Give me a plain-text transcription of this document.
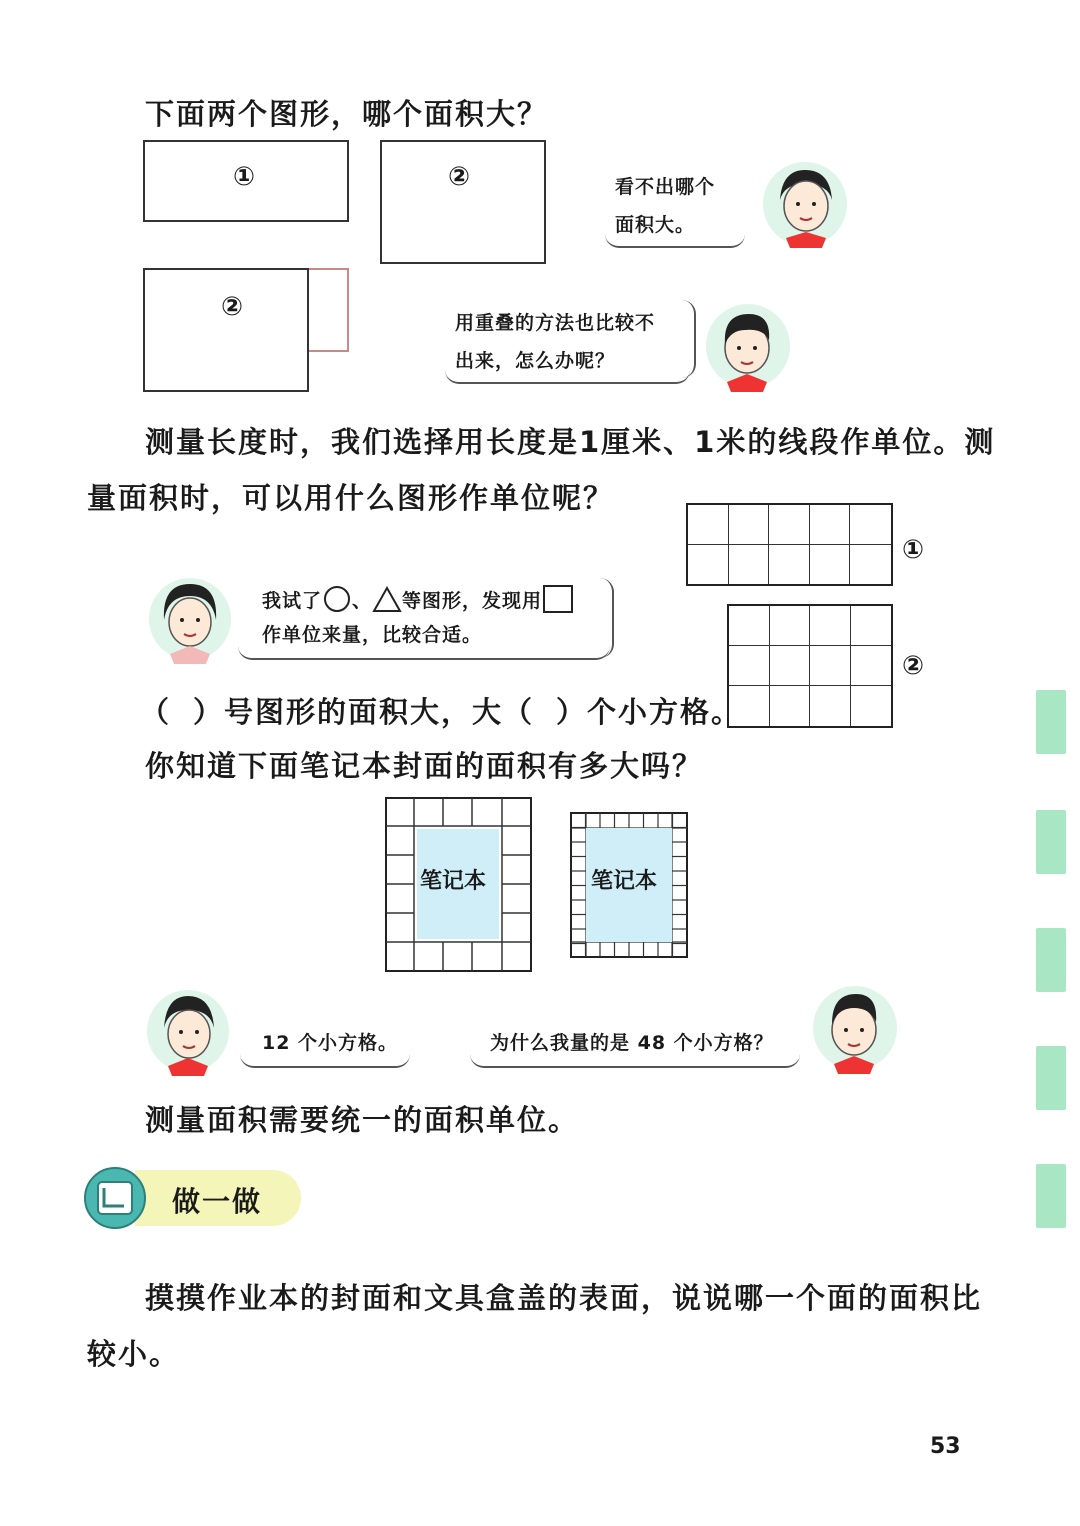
下面两个图形，哪个面积大？
①	②
②
看不出哪个
面积大。
用重叠的方法也比较不
出来，怎么办呢？
测量长度时，我们选择用长度是1厘米、1米的线段作单位。测
量面积时，可以用什么图形作单位呢？
①
②
我试了 、 等图形，发现用
作单位来量，比较合适。
（ ）号图形的面积大，大（ ）个小方格。
你知道下面笔记本封面的面积有多大吗？
笔记本	笔记本
12 个小方格。	为什么我量的是 48 个小方格？
测量面积需要统一的面积单位。
做一做
摸摸作业本的封面和文具盒盖的表面，说说哪一个面的面积比
较小。
53
